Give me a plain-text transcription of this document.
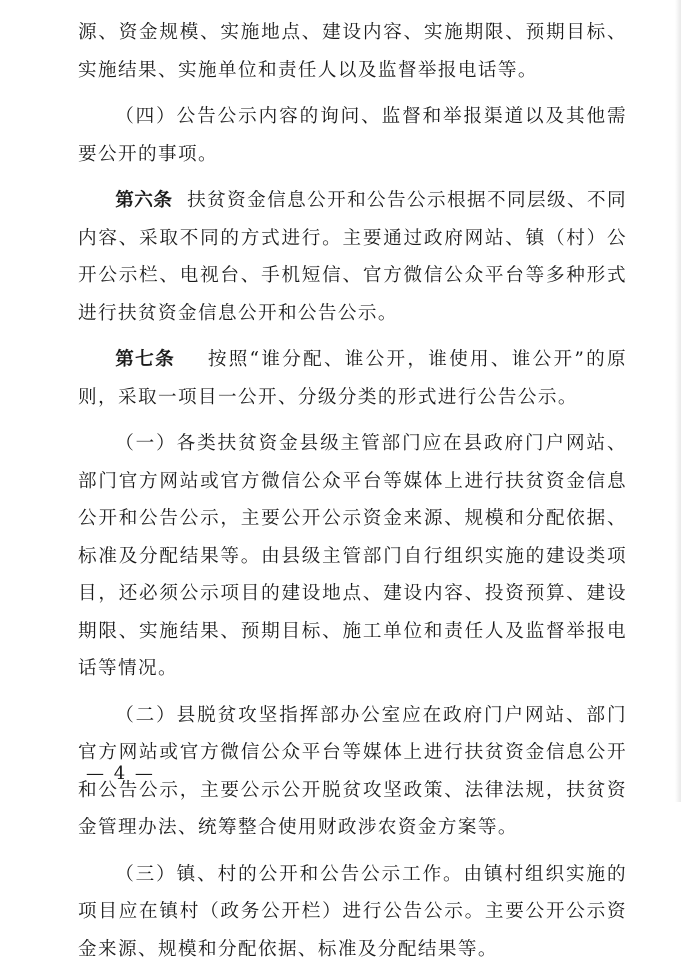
源、资金规模、实施地点、建设内容、实施期限、预期目标、实施结果、实施单位和责任人以及监督举报电话等。

（四）公告公示内容的询问、监督和举报渠道以及其他需要公开的事项。

第六条 扶贫资金信息公开和公告公示根据不同层级、不同内容、采取不同的方式进行。主要通过政府网站、镇（村）公开公示栏、电视台、手机短信、官方微信公众平台等多种形式进行扶贫资金信息公开和公告公示。

第七条 按照“谁分配、谁公开，谁使用、谁公开”的原则，采取一项目一公开、分级分类的形式进行公告公示。

（一）各类扶贫资金县级主管部门应在县政府门户网站、部门官方网站或官方微信公众平台等媒体上进行扶贫资金信息公开和公告公示，主要公开公示资金来源、规模和分配依据、标准及分配结果等。由县级主管部门自行组织实施的建设类项目，还必须公示项目的建设地点、建设内容、投资预算、建设期限、实施结果、预期目标、施工单位和责任人及监督举报电话等情况。

（二）县脱贫攻坚指挥部办公室应在政府门户网站、部门官方网站或官方微信公众平台等媒体上进行扶贫资金信息公开和公告公示，主要公示公开脱贫攻坚政策、法律法规，扶贫资金管理办法、统筹整合使用财政涉农资金方案等。

（三）镇、村的公开和公告公示工作。由镇村组织实施的项目应在镇村（政务公开栏）进行公告公示。主要公开公示资金来源、规模和分配依据、标准及分配结果等。

— 4 —
